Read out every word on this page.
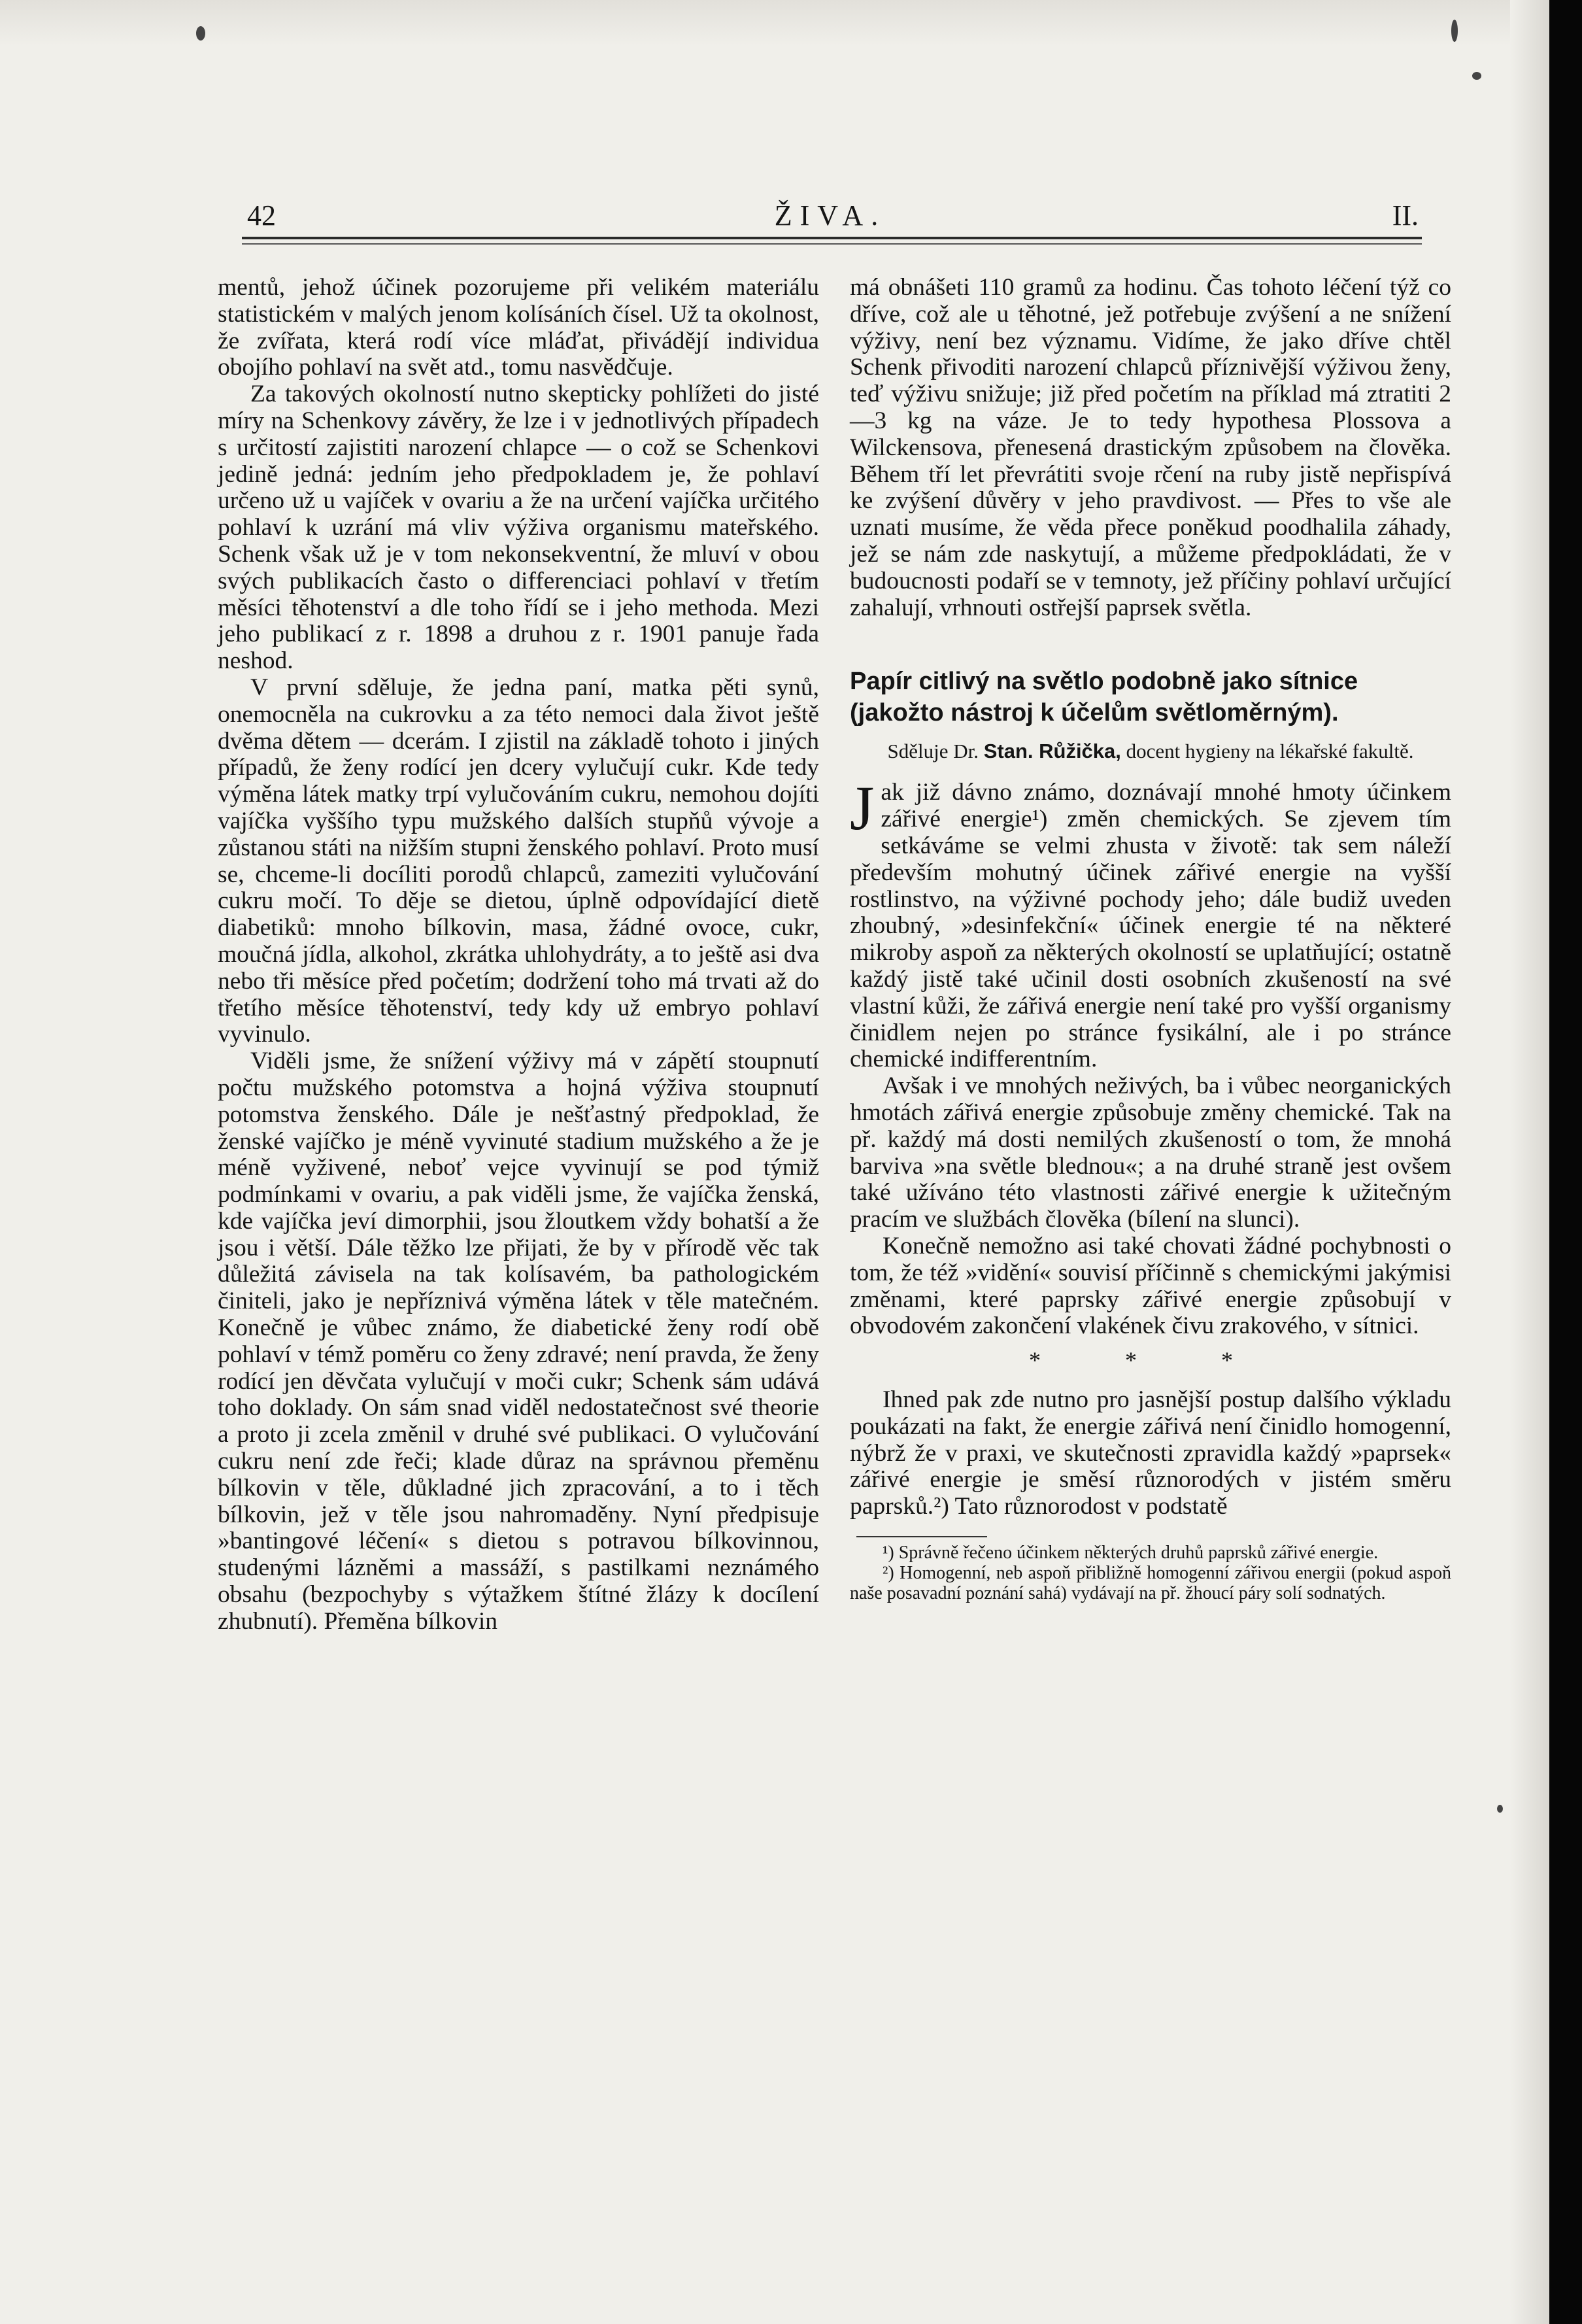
42	ŽIVA.	II.

mentů, jehož účinek pozorujeme při velikém materiálu statistickém v malých jenom kolísáních čísel. Už ta okolnost, že zvířata, která rodí více mláďat, přivádějí individua obojího pohlaví na svět atd., tomu nasvědčuje.

Za takových okolností nutno skepticky pohlížeti do jisté míry na Schenkovy závěry, že lze i v jednotlivých případech s určitostí zajistiti narození chlapce — o což se Schenkovi jedině jedná: jedním jeho předpokladem je, že pohlaví určeno už u vajíček v ovariu a že na určení vajíčka určitého pohlaví k uzrání má vliv výživa organismu mateřského. Schenk však už je v tom nekonsekventní, že mluví v obou svých publikacích často o differenciaci pohlaví v třetím měsíci těhotenství a dle toho řídí se i jeho methoda. Mezi jeho publikací z r. 1898 a druhou z r. 1901 panuje řada neshod.

V první sděluje, že jedna paní, matka pěti synů, onemocněla na cukrovku a za této nemoci dala život ještě dvěma dětem — dcerám. I zjistil na základě tohoto i jiných případů, že ženy rodící jen dcery vylučují cukr. Kde tedy výměna látek matky trpí vylučováním cukru, nemohou dojíti vajíčka vyššího typu mužského dalších stupňů vývoje a zůstanou státi na nižším stupni ženského pohlaví. Proto musí se, chceme-li docíliti porodů chlapců, zameziti vylučování cukru močí. To děje se dietou, úplně odpovídající dietě diabetiků: mnoho bílkovin, masa, žádné ovoce, cukr, moučná jídla, alkohol, zkrátka uhlohydráty, a to ještě asi dva nebo tři měsíce před početím; dodržení toho má trvati až do třetího měsíce těhotenství, tedy kdy už embryo pohlaví vyvinulo.

Viděli jsme, že snížení výživy má v zápětí stoupnutí počtu mužského potomstva a hojná výživa stoupnutí potomstva ženského. Dále je nešťastný předpoklad, že ženské vajíčko je méně vyvinuté stadium mužského a že je méně vyživené, neboť vejce vyvinují se pod týmiž podmínkami v ovariu, a pak viděli jsme, že vajíčka ženská, kde vajíčka jeví dimorphii, jsou žloutkem vždy bohatší a že jsou i větší. Dále těžko lze přijati, že by v přírodě věc tak důležitá závisela na tak kolísavém, ba pathologickém činiteli, jako je nepříznivá výměna látek v těle matečném. Konečně je vůbec známo, že diabetické ženy rodí obě pohlaví v témž poměru co ženy zdravé; není pravda, že ženy rodící jen děvčata vylučují v moči cukr; Schenk sám udává toho doklady. On sám snad viděl nedostatečnost své theorie a proto ji zcela změnil v druhé své publikaci. O vylučování cukru není zde řeči; klade důraz na správnou přeměnu bílkovin v těle, důkladné jich zpracování, a to i těch bílkovin, jež v těle jsou nahromaděny. Nyní předpisuje »bantingové léčení« s dietou s potravou bílkovinnou, studenými lázněmi a massáží, s pastilkami neznámého obsahu (bezpochyby s výtažkem štítné žlázy k docílení zhubnutí). Přeměna bílkovin

má obnášeti 110 gramů za hodinu. Čas tohoto léčení týž co dříve, což ale u těhotné, jež potřebuje zvýšení a ne snížení výživy, není bez významu. Vidíme, že jako dříve chtěl Schenk přivoditi narození chlapců příznivější výživou ženy, teď výživu snižuje; již před početím na příklad má ztratiti 2—3 kg na váze. Je to tedy hypothesa Plossova a Wilckensova, přenesená drastickým způsobem na člověka. Během tří let převrátiti svoje rčení na ruby jistě nepřispívá ke zvýšení důvěry v jeho pravdivost. — Přes to vše ale uznati musíme, že věda přece poněkud poodhalila záhady, jež se nám zde naskytují, a můžeme předpokládati, že v budoucnosti podaří se v temnoty, jež příčiny pohlaví určující zahalují, vrhnouti ostřejší paprsek světla.

Papír citlivý na světlo podobně jako sítnice (jakožto nástroj k účelům světloměrným).
Sděluje Dr. Stan. Růžička, docent hygieny na lékařské fakultě.

Jak již dávno známo, doznávají mnohé hmoty účinkem zářivé energie¹) změn chemických. Se zjevem tím setkáváme se velmi zhusta v životě: tak sem náleží především mohutný účinek zářivé energie na vyšší rostlinstvo, na výživné pochody jeho; dále budiž uveden zhoubný, »desinfekční« účinek energie té na některé mikroby aspoň za některých okolností se uplatňující; ostatně každý jistě také učinil dosti osobních zkušeností na své vlastní kůži, že zářivá energie není také pro vyšší organismy činidlem nejen po stránce fysikální, ale i po stránce chemické indifferentním.

Avšak i ve mnohých neživých, ba i vůbec neorganických hmotách zářivá energie způsobuje změny chemické. Tak na př. každý má dosti nemilých zkušeností o tom, že mnohá barviva »na světle blednou«; a na druhé straně jest ovšem také užíváno této vlastnosti zářivé energie k užitečným pracím ve službách člověka (bílení na slunci).

Konečně nemožno asi také chovati žádné pochybnosti o tom, že též »vidění« souvisí příčinně s chemickými jakýmisi změnami, které paprsky zářivé energie způsobují v obvodovém zakončení vlakének čivu zrakového, v sítnici.

* * *

Ihned pak zde nutno pro jasnější postup dalšího výkladu poukázati na fakt, že energie zářivá není činidlo homogenní, nýbrž že v praxi, ve skutečnosti zpravidla každý »paprsek« zářivé energie je směsí různorodých v jistém směru paprsků.²) Tato různorodost v podstatě

¹) Správně řečeno účinkem některých druhů paprsků zářivé energie.

²) Homogenní, neb aspoň přibližně homogenní zářivou energii (pokud aspoň naše posavadní poznání sahá) vydávají na př. žhoucí páry solí sodnatých.
